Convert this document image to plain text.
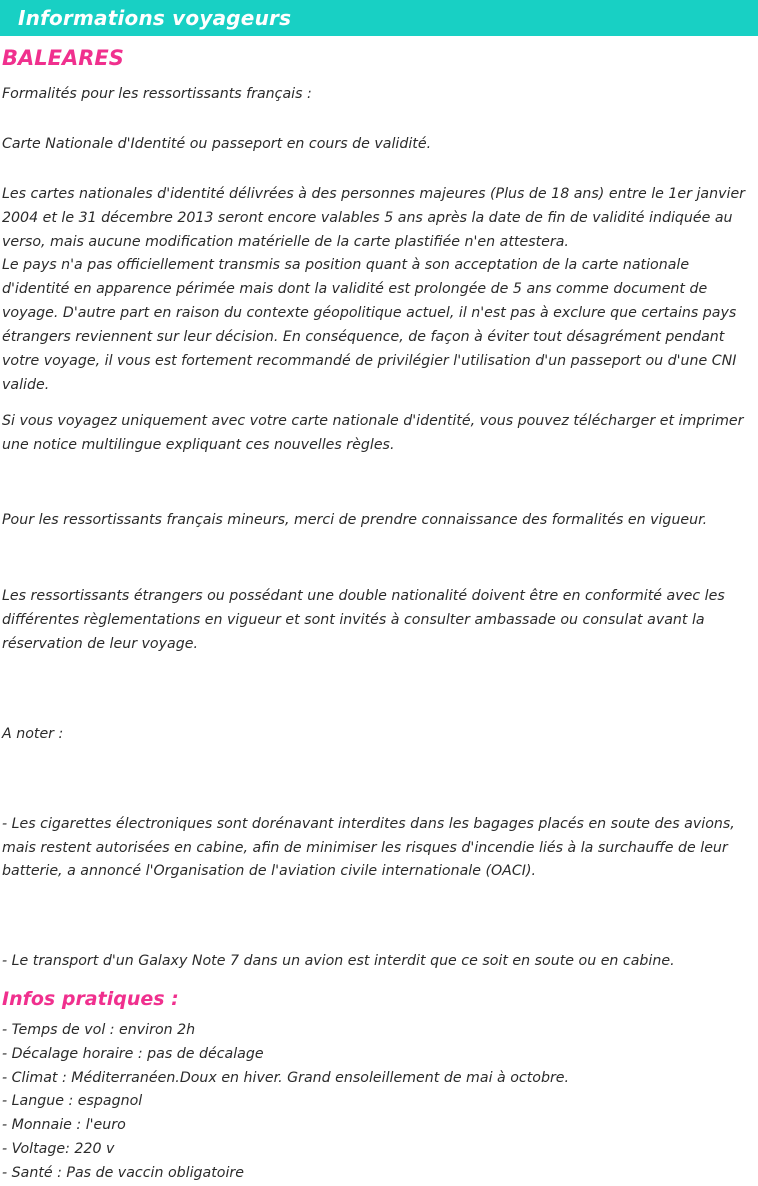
Informations voyageurs
BALEARES

Formalités pour les ressortissants français :

Carte Nationale d'Identité ou passeport en cours de validité.

Les cartes nationales d'identité délivrées à des personnes majeures (Plus de 18 ans) entre le 1er janvier 2004 et le 31 décembre 2013 seront encore valables 5 ans après la date de fin de validité indiquée au verso, mais aucune modification matérielle de la carte plastifiée n'en attestera.

Le pays n'a pas officiellement transmis sa position quant à son acceptation de la carte nationale d'identité en apparence périmée mais dont la validité est prolongée de 5 ans comme document de voyage. D'autre part en raison du contexte géopolitique actuel, il n'est pas à exclure que certains pays étrangers reviennent sur leur décision. En conséquence, de façon à éviter tout désagrément pendant votre voyage, il vous est fortement recommandé de privilégier l'utilisation d'un passeport ou d'une CNI valide.

Si vous voyagez uniquement avec votre carte nationale d'identité, vous pouvez télécharger et imprimer une notice multilingue expliquant ces nouvelles règles.

Pour les ressortissants français mineurs, merci de prendre connaissance des formalités en vigueur.

Les ressortissants étrangers ou possédant une double nationalité doivent être en conformité avec les différentes règlementations en vigueur et sont invités à consulter ambassade ou consulat avant la réservation de leur voyage.

A noter :

- Les cigarettes électroniques sont dorénavant interdites dans les bagages placés en soute des avions, mais restent autorisées en cabine, afin de minimiser les risques d'incendie liés à la surchauffe de leur batterie, a annoncé l'Organisation de l'aviation civile internationale (OACI).

- Le transport d'un Galaxy Note 7 dans un avion est interdit que ce soit en soute ou en cabine.

Infos pratiques :
- Temps de vol : environ 2h
- Décalage horaire : pas de décalage
- Climat : Méditerranéen.Doux en hiver. Grand ensoleillement de mai à octobre.
- Langue : espagnol
- Monnaie : l'euro
- Voltage: 220 v
- Santé : Pas de vaccin obligatoire
